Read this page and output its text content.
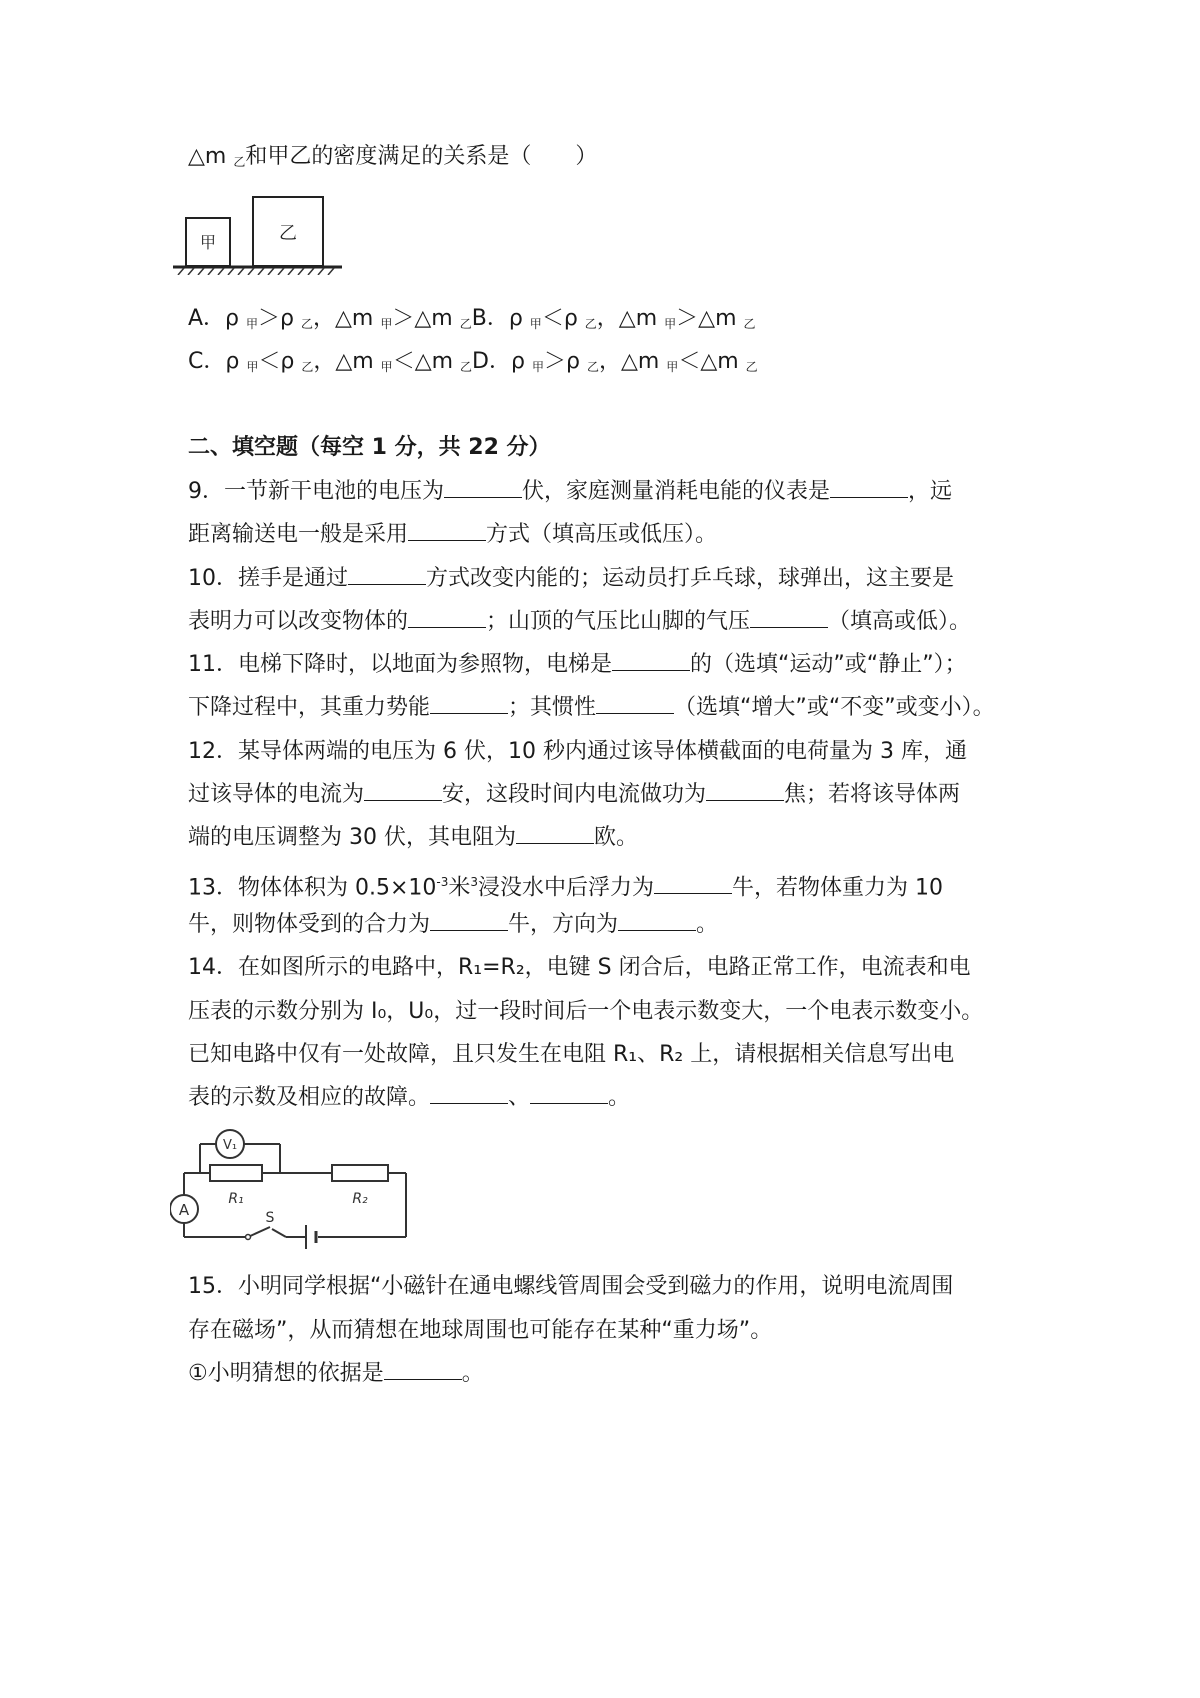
△m 乙和甲乙的密度满足的关系是（　　）
甲	乙
A．ρ 甲＞ρ 乙，△m 甲＞△m 乙B．ρ 甲＜ρ 乙，△m 甲＞△m 乙
C．ρ 甲＜ρ 乙，△m 甲＜△m 乙D．ρ 甲＞ρ 乙，△m 甲＜△m 乙
二、填空题（每空 1 分，共 22 分）
9．一节新干电池的电压为	伏，家庭测量消耗电能的仪表是	，远
距离输送电一般是采用	方式（填高压或低压）。
10．搓手是通过	方式改变内能的；运动员打乒乓球，球弹出，这主要是
表明力可以改变物体的	；山顶的气压比山脚的气压	（填高或低）。
11．电梯下降时，以地面为参照物，电梯是	的（选填“运动”或“静止”）；
下降过程中，其重力势能	；其惯性	（选填“增大”或“不变”或变小）。
12．某导体两端的电压为 6 伏，10 秒内通过该导体横截面的电荷量为 3 库，通
过该导体的电流为	安，这段时间内电流做功为	焦；若将该导体两
端的电压调整为 30 伏，其电阻为	欧。
13．物体体积为 $0.5\times 10^{-3}$米$^3$浸没水中后浮力为	牛，若物体重力为 10
牛，则物体受到的合力为	牛，方向为	。
14．在如图所示的电路中，R₁=R₂，电键 S 闭合后，电路正常工作，电流表和电
压表的示数分别为 I₀，U₀，过一段时间后一个电表示数变大，一个电表示数变小。
已知电路中仅有一处故障，且只发生在电阻 R₁、R₂ 上，请根据相关信息写出电
表的示数及相应的故障。	、	。
V₁
A
R₁	R₂
S
15．小明同学根据“小磁针在通电螺线管周围会受到磁力的作用，说明电流周围
存在磁场”，从而猜想在地球周围也可能存在某种“重力场”。
①小明猜想的依据是	。
